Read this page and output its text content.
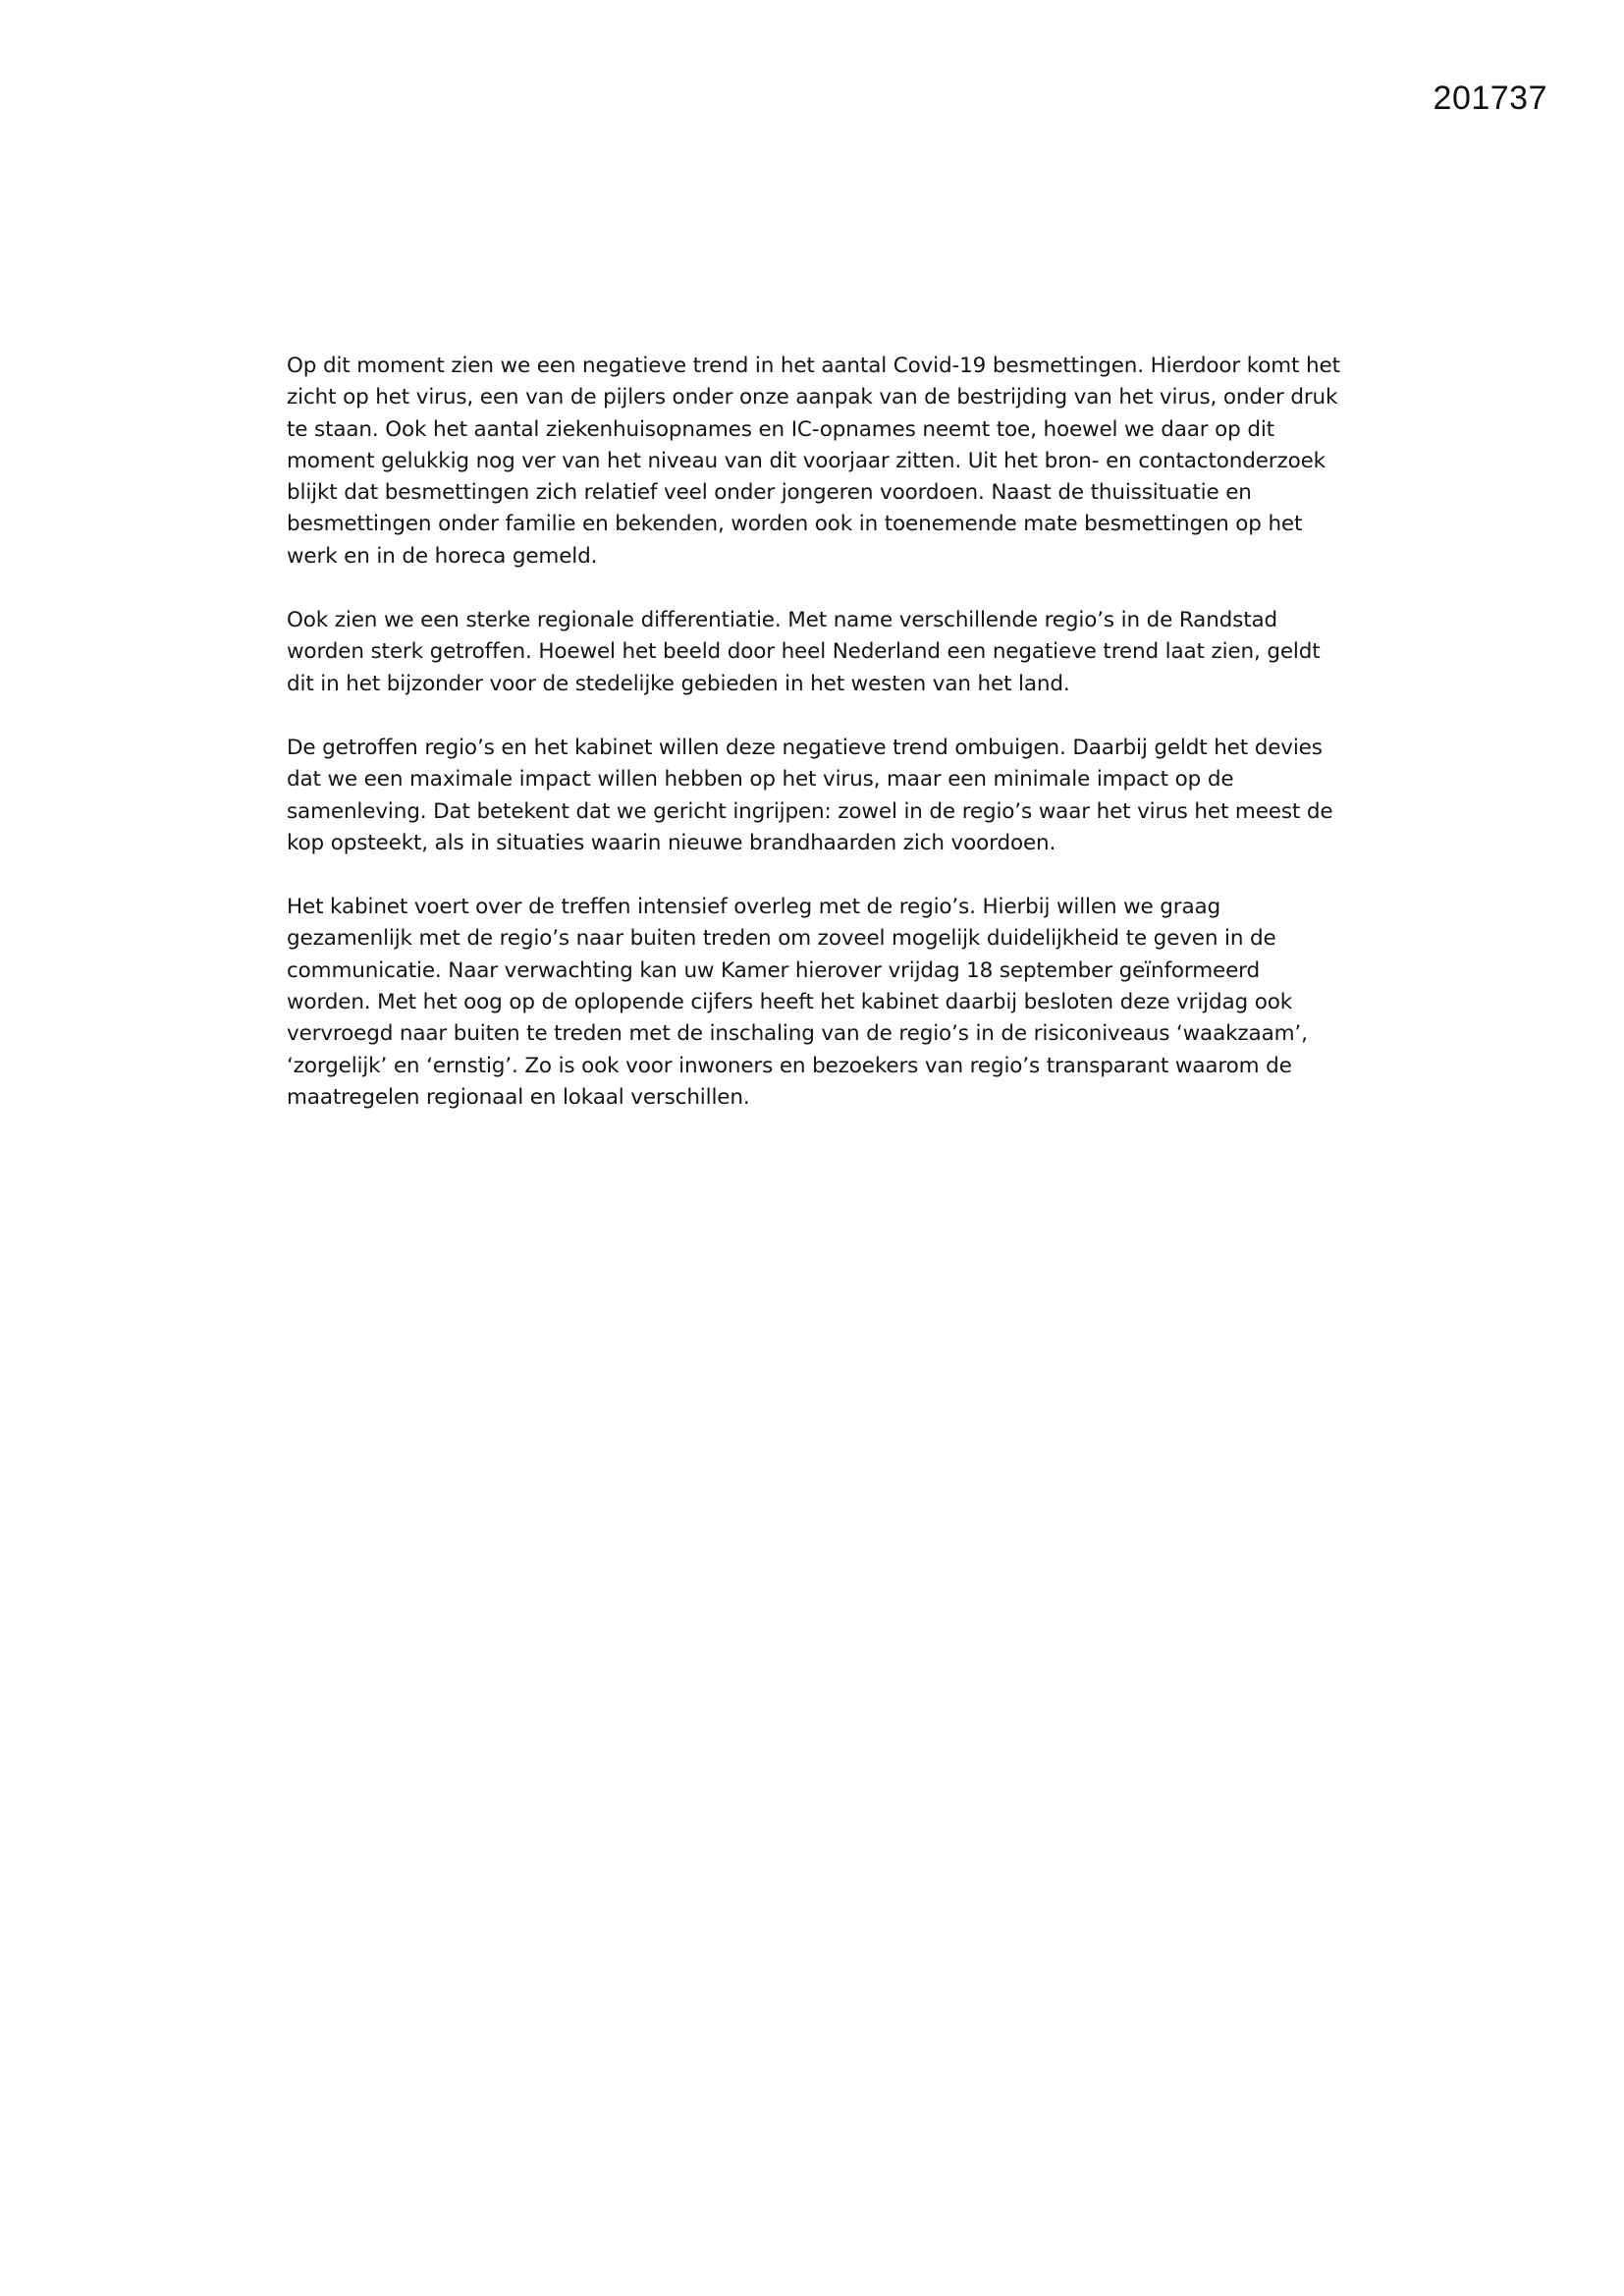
201737

Op dit moment zien we een negatieve trend in het aantal Covid-19 besmettingen. Hierdoor komt het
zicht op het virus, een van de pijlers onder onze aanpak van de bestrijding van het virus, onder druk
te staan. Ook het aantal ziekenhuisopnames en IC-opnames neemt toe, hoewel we daar op dit
moment gelukkig nog ver van het niveau van dit voorjaar zitten. Uit het bron- en contactonderzoek
blijkt dat besmettingen zich relatief veel onder jongeren voordoen. Naast de thuissituatie en
besmettingen onder familie en bekenden, worden ook in toenemende mate besmettingen op het
werk en in de horeca gemeld.

Ook zien we een sterke regionale differentiatie. Met name verschillende regio’s in de Randstad
worden sterk getroffen. Hoewel het beeld door heel Nederland een negatieve trend laat zien, geldt
dit in het bijzonder voor de stedelijke gebieden in het westen van het land.

De getroffen regio’s en het kabinet willen deze negatieve trend ombuigen. Daarbij geldt het devies
dat we een maximale impact willen hebben op het virus, maar een minimale impact op de
samenleving. Dat betekent dat we gericht ingrijpen: zowel in de regio’s waar het virus het meest de
kop opsteekt, als in situaties waarin nieuwe brandhaarden zich voordoen.

Het kabinet voert over de treffen intensief overleg met de regio’s. Hierbij willen we graag
gezamenlijk met de regio’s naar buiten treden om zoveel mogelijk duidelijkheid te geven in de
communicatie. Naar verwachting kan uw Kamer hierover vrijdag 18 september geïnformeerd
worden. Met het oog op de oplopende cijfers heeft het kabinet daarbij besloten deze vrijdag ook
vervroegd naar buiten te treden met de inschaling van de regio’s in de risiconiveaus ‘waakzaam’,
‘zorgelijk’ en ‘ernstig’. Zo is ook voor inwoners en bezoekers van regio’s transparant waarom de
maatregelen regionaal en lokaal verschillen.
